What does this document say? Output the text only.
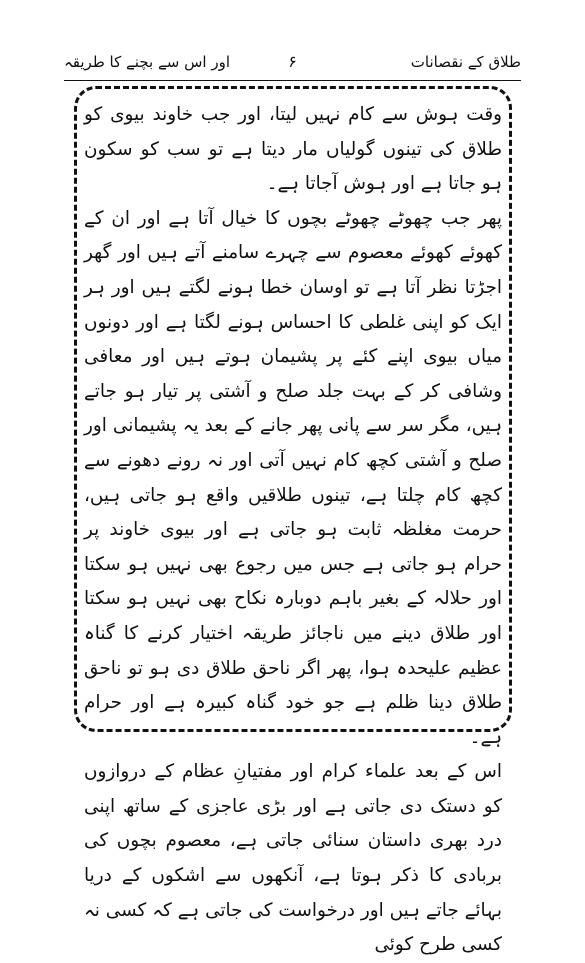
طلاق کے نقصانات
۶
اور اس سے بچنے کا طریقہ

وقت ہوش سے کام نہیں لیتا، اور جب خاوند بیوی کو طلاق کی تینوں گولیاں مار دیتا ہے تو سب کو سکون ہو جاتا ہے اور ہوش آجاتا ہے۔

پھر جب چھوٹے چھوٹے بچوں کا خیال آتا ہے اور ان کے کھوئے کھوئے معصوم سے چہرے سامنے آتے ہیں اور گھر اجڑتا نظر آتا ہے تو اوسان خطا ہونے لگتے ہیں اور ہر ایک کو اپنی غلطی کا احساس ہونے لگتا ہے اور دونوں میاں بیوی اپنے کئے پر پشیمان ہوتے ہیں اور معافی وشافی کر کے بہت جلد صلح و آشتی پر تیار ہو جاتے ہیں، مگر سر سے پانی پھر جانے کے بعد یہ پشیمانی اور صلح و آشتی کچھ کام نہیں آتی اور نہ رونے دھونے سے کچھ کام چلتا ہے، تینوں طلاقیں واقع ہو جاتی ہیں، حرمت مغلظہ ثابت ہو جاتی ہے اور بیوی خاوند پر حرام ہو جاتی ہے جس میں رجوع بھی نہیں ہو سکتا اور حلالہ کے بغیر باہم دوبارہ نکاح بھی نہیں ہو سکتا اور طلاق دینے میں ناجائز طریقہ اختیار کرنے کا گناہ عظیم علیحدہ ہوا، پھر اگر ناحق طلاق دی ہو تو ناحق طلاق دینا ظلم ہے جو خود گناہ کبیرہ ہے اور حرام ہے۔

اس کے بعد علماء کرام اور مفتیانِ عظام کے دروازوں کو دستک دی جاتی ہے اور بڑی عاجزی کے ساتھ اپنی درد بھری داستان سنائی جاتی ہے، معصوم بچوں کی بربادی کا ذکر ہوتا ہے، آنکھوں سے اشکوں کے دریا بہائے جاتے ہیں اور درخواست کی جاتی ہے کہ کسی نہ کسی طرح کوئی
